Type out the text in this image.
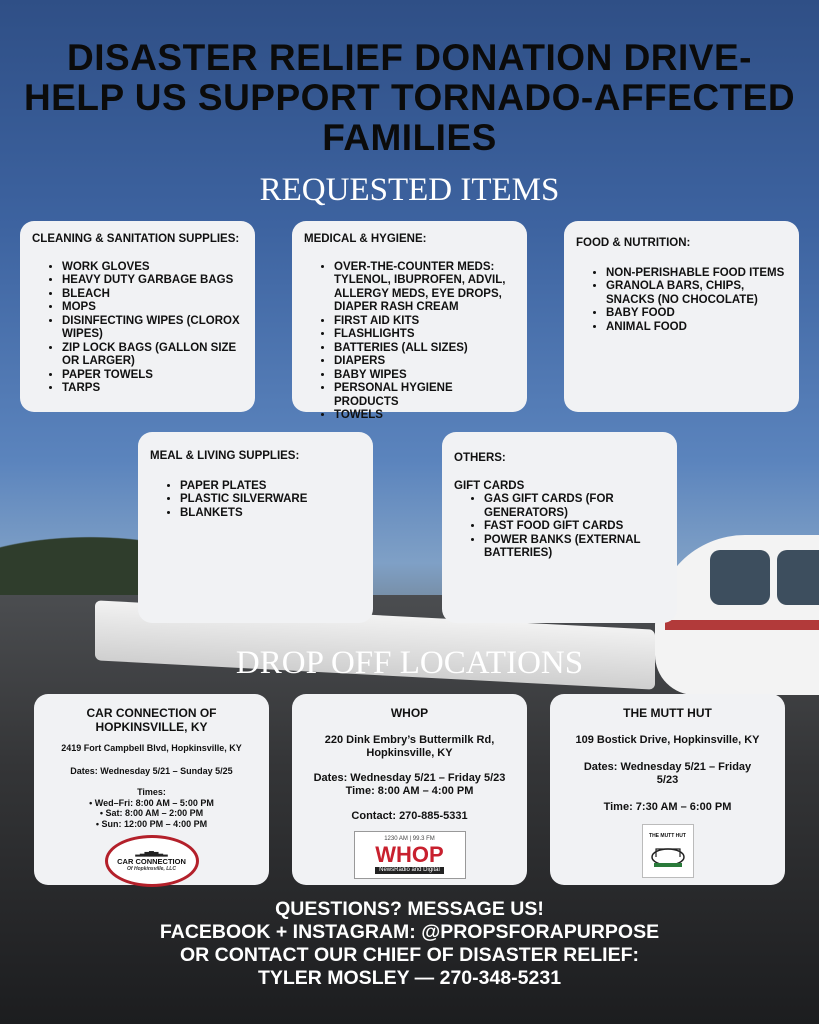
DISASTER RELIEF DONATION DRIVE-
HELP US SUPPORT TORNADO-AFFECTED
FAMILIES
REQUESTED ITEMS
CLEANING & SANITATION SUPPLIES:
• WORK GLOVES
• HEAVY DUTY GARBAGE BAGS
• BLEACH
• MOPS
• DISINFECTING WIPES (CLOROX WIPES)
• ZIP LOCK BAGS (GALLON SIZE OR LARGER)
• PAPER TOWELS
• TARPS
MEDICAL & HYGIENE:
• OVER-THE-COUNTER MEDS: TYLENOL, IBUPROFEN, ADVIL, ALLERGY MEDS, EYE DROPS, DIAPER RASH CREAM
• FIRST AID KITS
• FLASHLIGHTS
• BATTERIES (ALL SIZES)
• DIAPERS
• BABY WIPES
• PERSONAL HYGIENE PRODUCTS
• TOWELS
FOOD & NUTRITION:
• NON-PERISHABLE FOOD ITEMS
• GRANOLA BARS, CHIPS, SNACKS (NO CHOCOLATE)
• BABY FOOD
• ANIMAL FOOD
MEAL & LIVING SUPPLIES:
• PAPER PLATES
• PLASTIC SILVERWARE
• BLANKETS
OTHERS:
GIFT CARDS
• GAS GIFT CARDS (FOR GENERATORS)
• FAST FOOD GIFT CARDS
• POWER BANKS (EXTERNAL BATTERIES)
DROP OFF LOCATIONS
CAR CONNECTION OF HOPKINSVILLE, KY
2419 Fort Campbell Blvd, Hopkinsville, KY
Dates: Wednesday 5/21 – Sunday 5/25
Times:
• Wed–Fri: 8:00 AM – 5:00 PM
• Sat: 8:00 AM – 2:00 PM
• Sun: 12:00 PM – 4:00 PM
▂▃▅▆▅▃▂
CAR CONNECTION
Of Hopkinsville, LLC
WHOP
220 Dink Embry’s Buttermilk Rd, Hopkinsville, KY
Dates: Wednesday 5/21 – Friday 5/23
Time: 8:00 AM – 4:00 PM
Contact: 270-885-5331
1230 AM | 99.3 FM
WHOP
NewsRadio and Digital
THE MUTT HUT
109 Bostick Drive, Hopkinsville, KY
Dates: Wednesday 5/21 – Friday 5/23
Time: 7:30 AM – 6:00 PM
THE MUTT HUT
QUESTIONS? MESSAGE US!
FACEBOOK + INSTAGRAM: @PROPSFORAPURPOSE
OR CONTACT OUR CHIEF OF DISASTER RELIEF:
TYLER MOSLEY — 270-348-5231
